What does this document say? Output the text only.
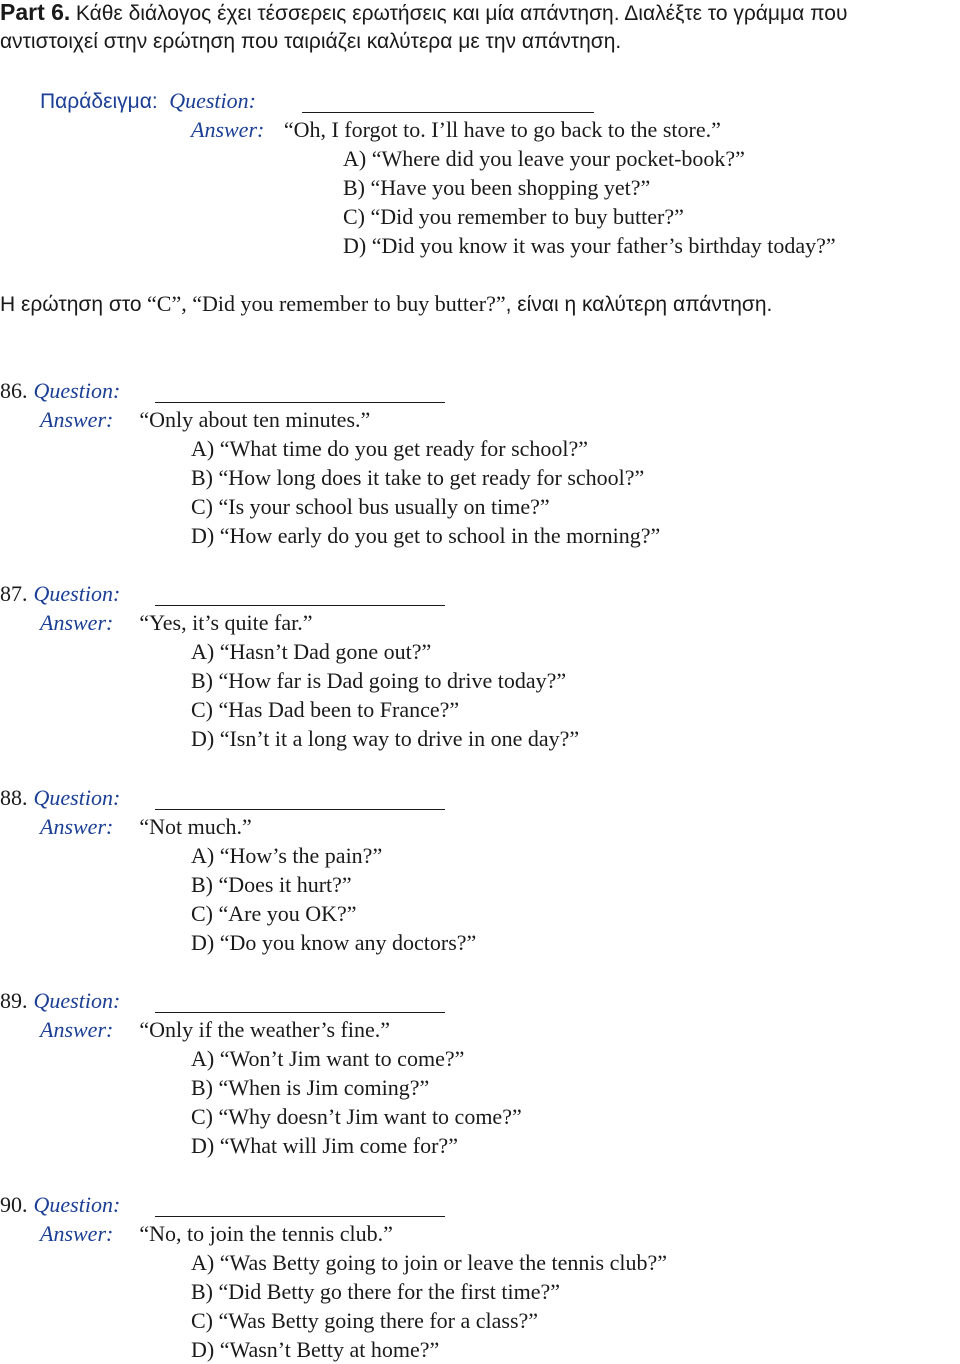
Part 6. Κάθε διάλογος έχει τέσσερεις ερωτήσεις και μία απάντηση. Διαλέξτε το γράμμα που
αντιστοιχεί στην ερώτηση που ταιριάζει καλύτερα με την απάντηση.
Παράδειγμα: Question:
Answer: “Oh, I forgot to. I’ll have to go back to the store.”
A) “Where did you leave your pocket-book?”
B) “Have you been shopping yet?”
C) “Did you remember to buy butter?”
D) “Did you know it was your father’s birthday today?”
Η ερώτηση στο “C”, “Did you remember to buy butter?”, είναι η καλύτερη απάντηση.
86. Question:
Answer: “Only about ten minutes.”
A) “What time do you get ready for school?”
B) “How long does it take to get ready for school?”
C) “Is your school bus usually on time?”
D) “How early do you get to school in the morning?”
87. Question:
Answer: “Yes, it’s quite far.”
A) “Hasn’t Dad gone out?”
B) “How far is Dad going to drive today?”
C) “Has Dad been to France?”
D) “Isn’t it a long way to drive in one day?”
88. Question:
Answer: “Not much.”
A) “How’s the pain?”
B) “Does it hurt?”
C) “Are you OK?”
D) “Do you know any doctors?”
89. Question:
Answer: “Only if the weather’s fine.”
A) “Won’t Jim want to come?”
B) “When is Jim coming?”
C) “Why doesn’t Jim want to come?”
D) “What will Jim come for?”
90. Question:
Answer: “No, to join the tennis club.”
A) “Was Betty going to join or leave the tennis club?”
B) “Did Betty go there for the first time?”
C) “Was Betty going there for a class?”
D) “Wasn’t Betty at home?”
